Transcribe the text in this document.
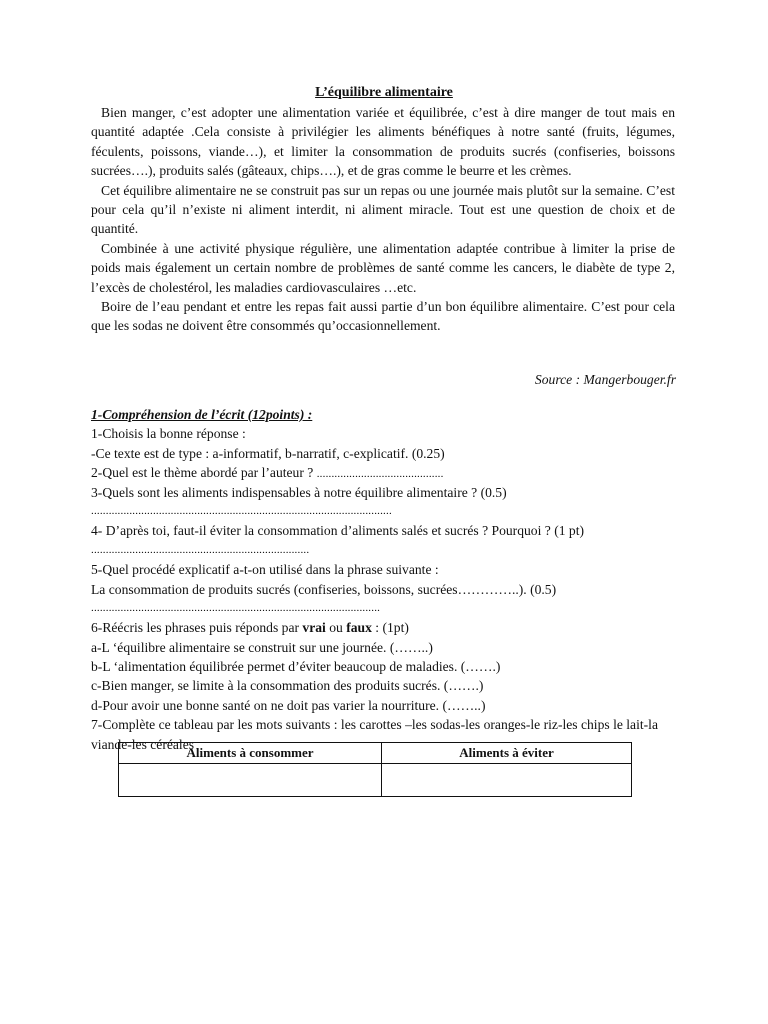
L’équilibre alimentaire

Bien manger, c’est adopter une alimentation variée et équilibrée, c’est à dire manger de tout mais en quantité adaptée .Cela consiste à privilégier les aliments bénéfiques à notre santé (fruits, légumes, féculents, poissons, viande…), et limiter la consommation de produits sucrés (confiseries, boissons sucrées….), produits salés (gâteaux, chips….), et de gras comme le beurre et les crèmes.

Cet équilibre alimentaire ne se construit pas sur un repas ou une journée mais plutôt sur la semaine. C’est pour cela qu’il n’existe ni aliment interdit, ni aliment miracle. Tout est une question de choix et de quantité.

Combinée à une activité physique régulière, une alimentation adaptée contribue à limiter la prise de poids mais également un certain nombre de problèmes de santé comme les cancers, le diabète de type 2, l’excès de cholestérol, les maladies cardiovasculaires …etc.

Boire de l’eau pendant et entre les repas fait aussi partie d’un bon équilibre alimentaire. C’est pour cela que les sodas ne doivent être consommés qu’occasionnellement.

Source : Mangerbouger.fr
1-Compréhension de l’écrit (12points) :
1-Choisis la bonne réponse :
-Ce texte est de type : a-informatif, b-narratif, c-explicatif. (0.25)
2-Quel est le thème abordé par l’auteur ? ...........................................
3-Quels sont les aliments indispensables à notre équilibre alimentaire ? (0.5)
......................................................................................................
4- D’après toi, faut-il éviter la consommation d’aliments salés et sucrés ? Pourquoi ? (1 pt)
..........................................................................
5-Quel procédé explicatif a-t-on utilisé dans la phrase suivante :
La consommation de produits sucrés (confiseries, boissons, sucrées…………..). (0.5)
..................................................................................................
6-Réécris les phrases puis réponds par vrai ou faux : (1pt)
a-L ‘équilibre alimentaire se construit sur une journée. (……..)
b-L ‘alimentation équilibrée permet d’éviter beaucoup de maladies. (…….)
c-Bien manger, se limite à la consommation des produits sucrés. (…….)
d-Pour avoir une bonne santé on ne doit pas varier la nourriture. (……..)
7-Complète ce tableau par les mots suivants : les carottes –les sodas-les oranges-le riz-les chips le lait-la viande-les céréales
Aliments à consommer	Aliments à éviter
